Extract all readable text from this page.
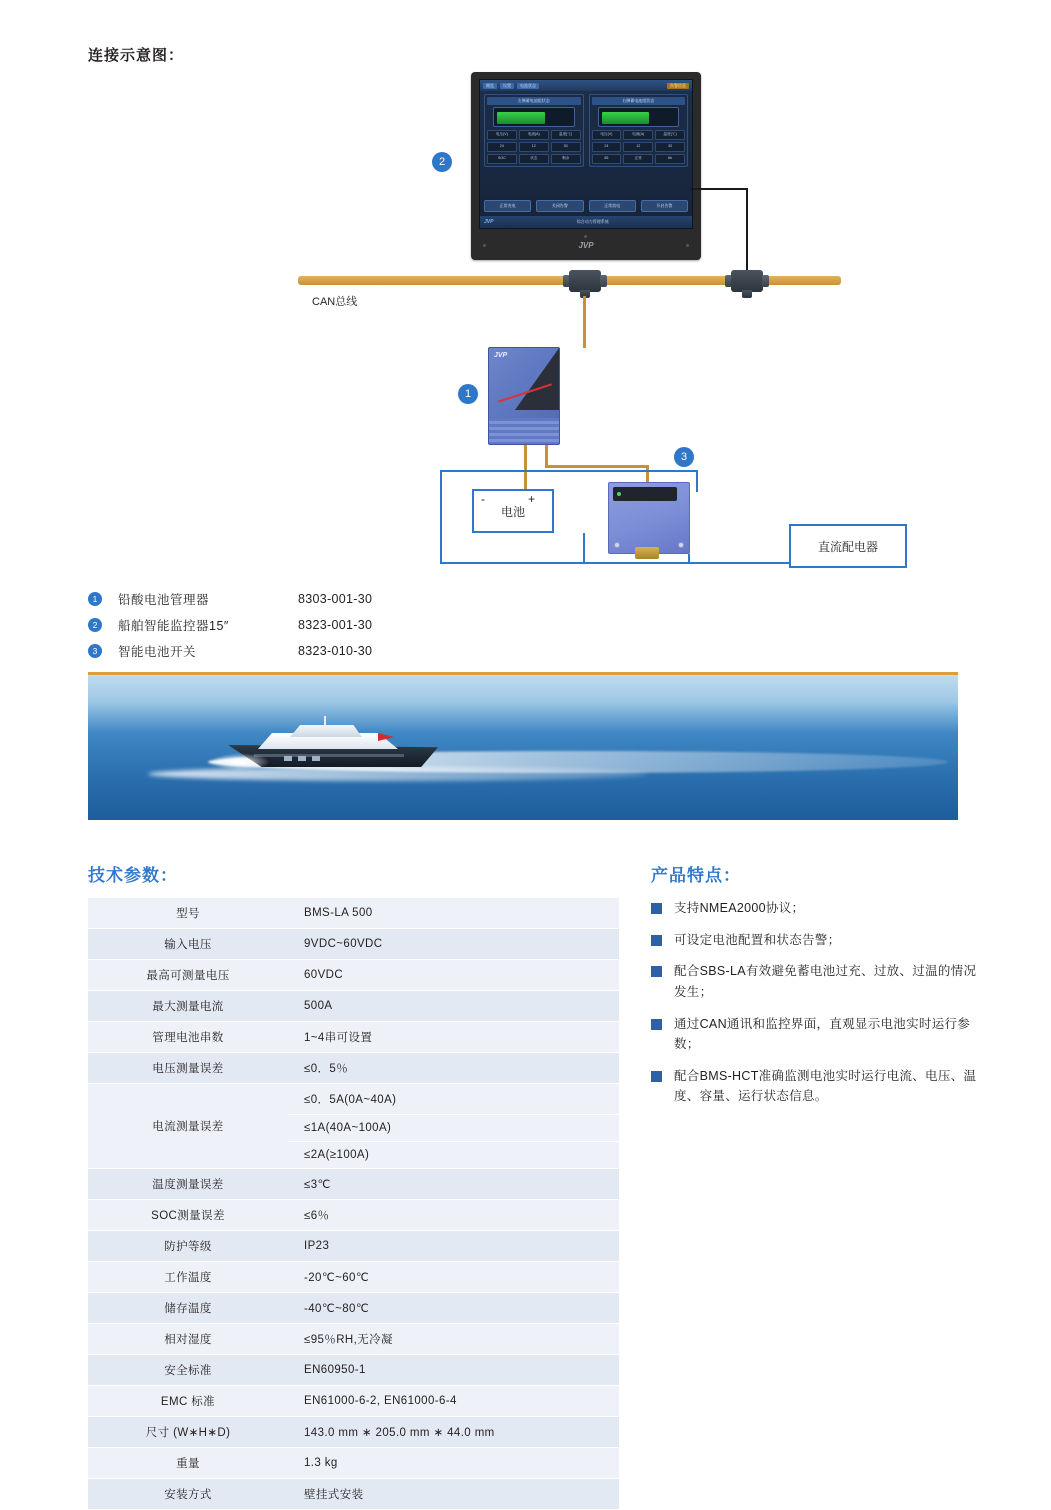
连接示意图：
概览	设置	电池状态	告警信息
左侧蓄电池组状态
电压(V)	电流(A)	温度(℃)
24	12	30
SOC	状态	剩余
右侧蓄电池组状态
电压(V)	电流(A)	温度(℃)
24	12	30
85	正常	6h
正常充电	关闭告警	正常放电	开启告警
JVP	综合动力管理系统
JVP
CAN总线
JVP
电池
-	+
直流配电器
1
2
3
1	铅酸电池管理器	8303-001-30
2	船舶智能监控器15″	8323-001-30
3	智能电池开关	8323-010-30
技术参数：
型号	BMS-LA 500
输入电压	9VDC~60VDC
最高可测量电压	60VDC
最大测量电流	500A
管理电池串数	1~4串可设置
电压测量误差	≤0．5％
电流测量误差	≤0．5A(0A~40A)
	≤1A(40A~100A)
	≤2A(≥100A)
温度测量误差	≤3℃
SOC测量误差	≤6％
防护等级	IP23
工作温度	-20℃~60℃
储存温度	-40℃~80℃
相对湿度	≤95％RH,无冷凝
安全标准	EN60950-1
EMC 标准	EN61000-6-2, EN61000-6-4
尺寸 (W∗H∗D)	143.0 mm ∗ 205.0 mm ∗ 44.0 mm
重量	1.3 kg
安装方式	壁挂式安装
产品特点：
支持NMEA2000协议；
可设定电池配置和状态告警；
配合SBS-LA有效避免蓄电池过充、过放、过温的情况发生；
通过CAN通讯和监控界面，直观显示电池实时运行参数；
配合BMS-HCT准确监测电池实时运行电流、电压、温度、容量、运行状态信息。
